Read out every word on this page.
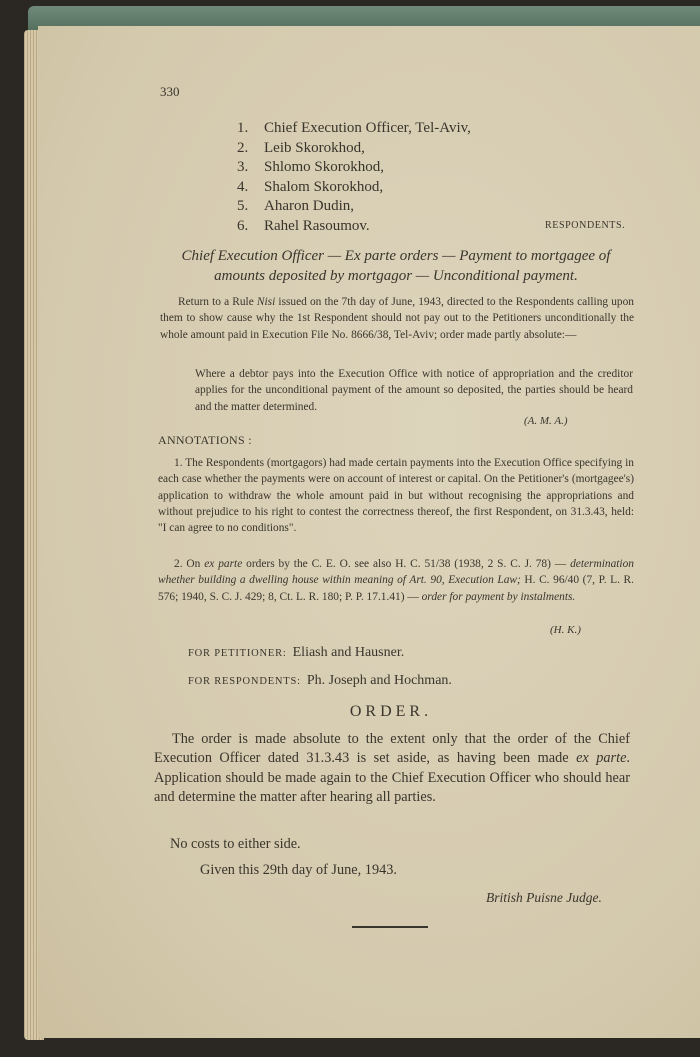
330
1.	Chief Execution Officer, Tel-Aviv,
2.	Leib Skorokhod,
3.	Shlomo Skorokhod,
4.	Shalom Skorokhod,
5.	Aharon Dudin,
6.	Rahel Rasoumov.	RESPONDENTS.
Chief Execution Officer — Ex parte orders — Payment to mortgagee of amounts deposited by mortgagor — Unconditional payment.
Return to a Rule Nisi issued on the 7th day of June, 1943, directed to the Respondents calling upon them to show cause why the 1st Respondent should not pay out to the Petitioners unconditionally the whole amount paid in Execution File No. 8666/38, Tel-Aviv; order made partly absolute:—
Where a debtor pays into the Execution Office with notice of appropriation and the creditor applies for the unconditional payment of the amount so deposited, the parties should be heard and the matter determined.
(A. M. A.)
ANNOTATIONS :
1. The Respondents (mortgagors) had made certain payments into the Execution Office specifying in each case whether the payments were on account of interest or capital. On the Petitioner's (mortgagee's) application to withdraw the whole amount paid in but without recognising the appropriations and without prejudice to his right to contest the correctness thereof, the first Respondent, on 31.3.43, held: "I can agree to no conditions".
2. On ex parte orders by the C. E. O. see also H. C. 51/38 (1938, 2 S. C. J. 78) — determination whether building a dwelling house within meaning of Art. 90, Execution Law; H. C. 96/40 (7, P. L. R. 576; 1940, S. C. J. 429; 8, Ct. L. R. 180; P. P. 17.1.41) — order for payment by instalments.
(H. K.)
FOR PETITIONER: Eliash and Hausner.
FOR RESPONDENTS: Ph. Joseph and Hochman.
ORDER.
The order is made absolute to the extent only that the order of the Chief Execution Officer dated 31.3.43 is set aside, as having been made ex parte. Application should be made again to the Chief Execution Officer who should hear and determine the matter after hearing all parties.
No costs to either side.
Given this 29th day of June, 1943.
British Puisne Judge.
